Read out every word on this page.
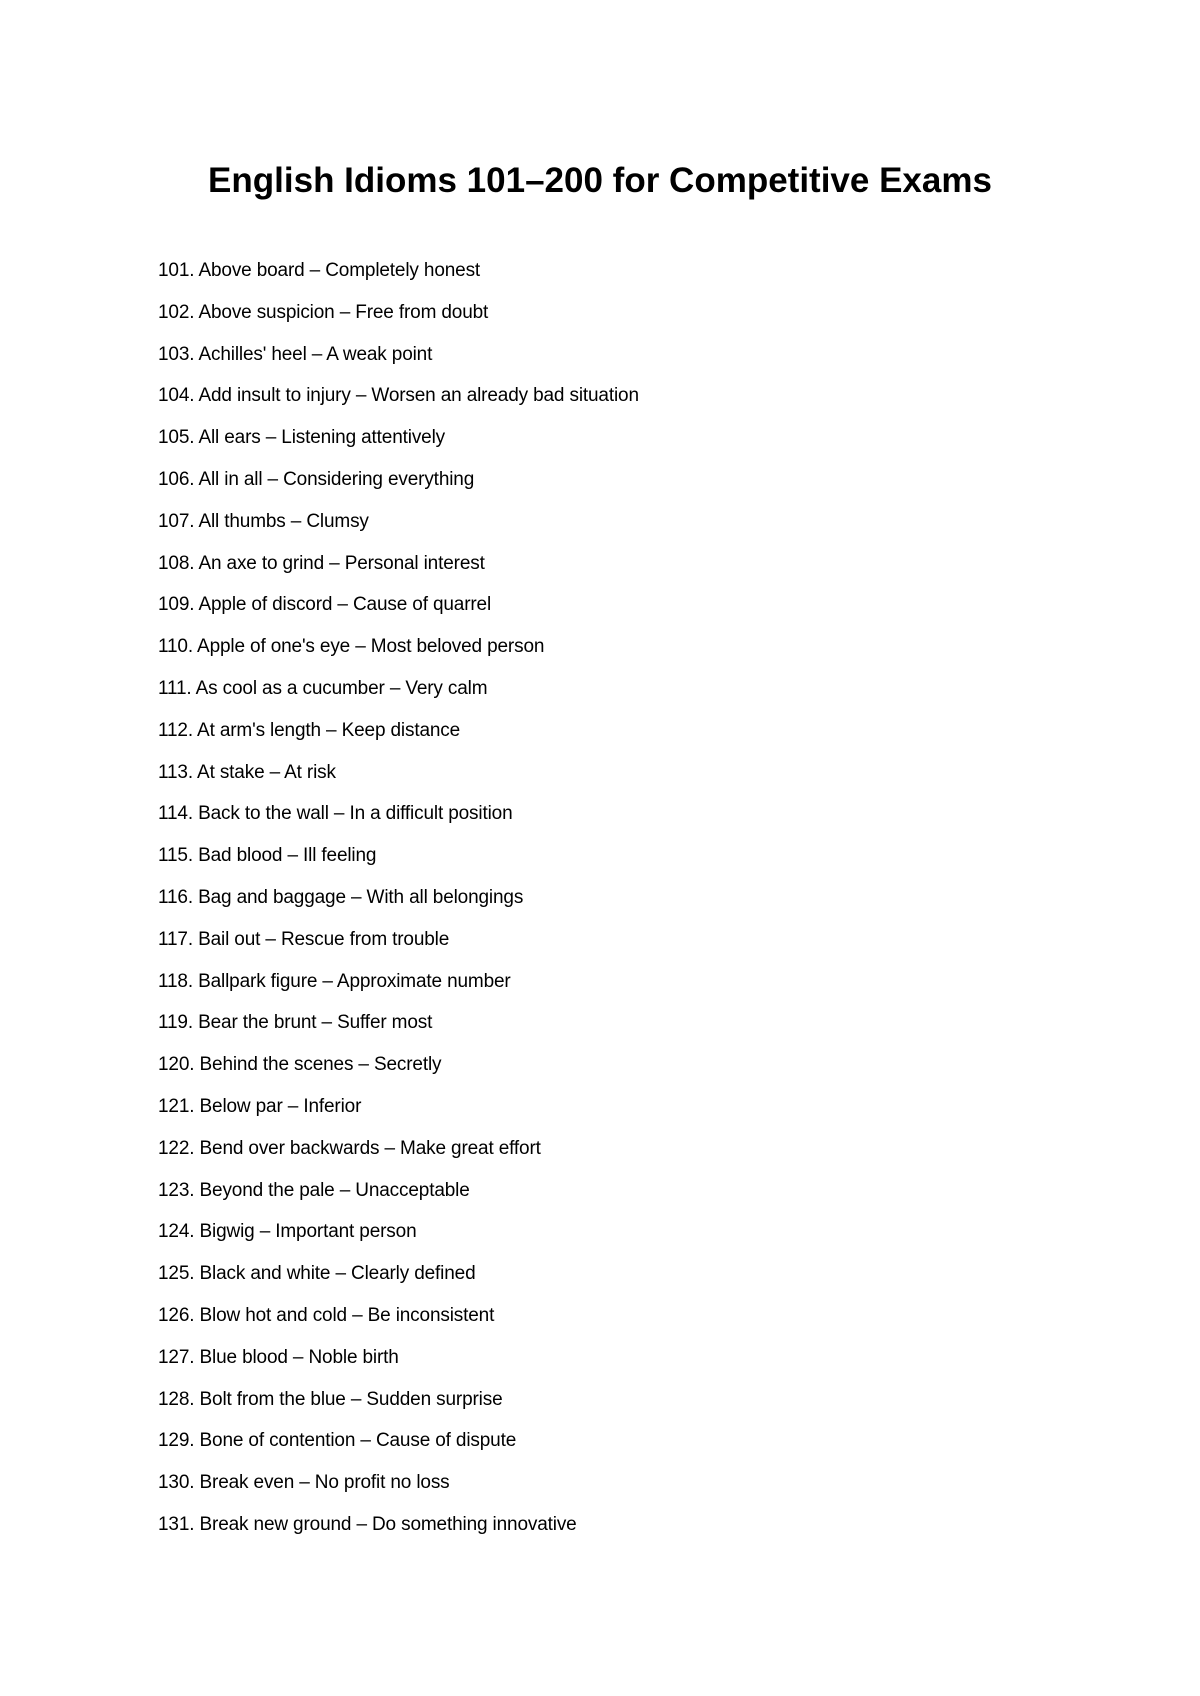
English Idioms 101–200 for Competitive Exams
101. Above board – Completely honest
102. Above suspicion – Free from doubt
103. Achilles' heel – A weak point
104. Add insult to injury – Worsen an already bad situation
105. All ears – Listening attentively
106. All in all – Considering everything
107. All thumbs – Clumsy
108. An axe to grind – Personal interest
109. Apple of discord – Cause of quarrel
110. Apple of one's eye – Most beloved person
111. As cool as a cucumber – Very calm
112. At arm's length – Keep distance
113. At stake – At risk
114. Back to the wall – In a difficult position
115. Bad blood – Ill feeling
116. Bag and baggage – With all belongings
117. Bail out – Rescue from trouble
118. Ballpark figure – Approximate number
119. Bear the brunt – Suffer most
120. Behind the scenes – Secretly
121. Below par – Inferior
122. Bend over backwards – Make great effort
123. Beyond the pale – Unacceptable
124. Bigwig – Important person
125. Black and white – Clearly defined
126. Blow hot and cold – Be inconsistent
127. Blue blood – Noble birth
128. Bolt from the blue – Sudden surprise
129. Bone of contention – Cause of dispute
130. Break even – No profit no loss
131. Break new ground – Do something innovative
